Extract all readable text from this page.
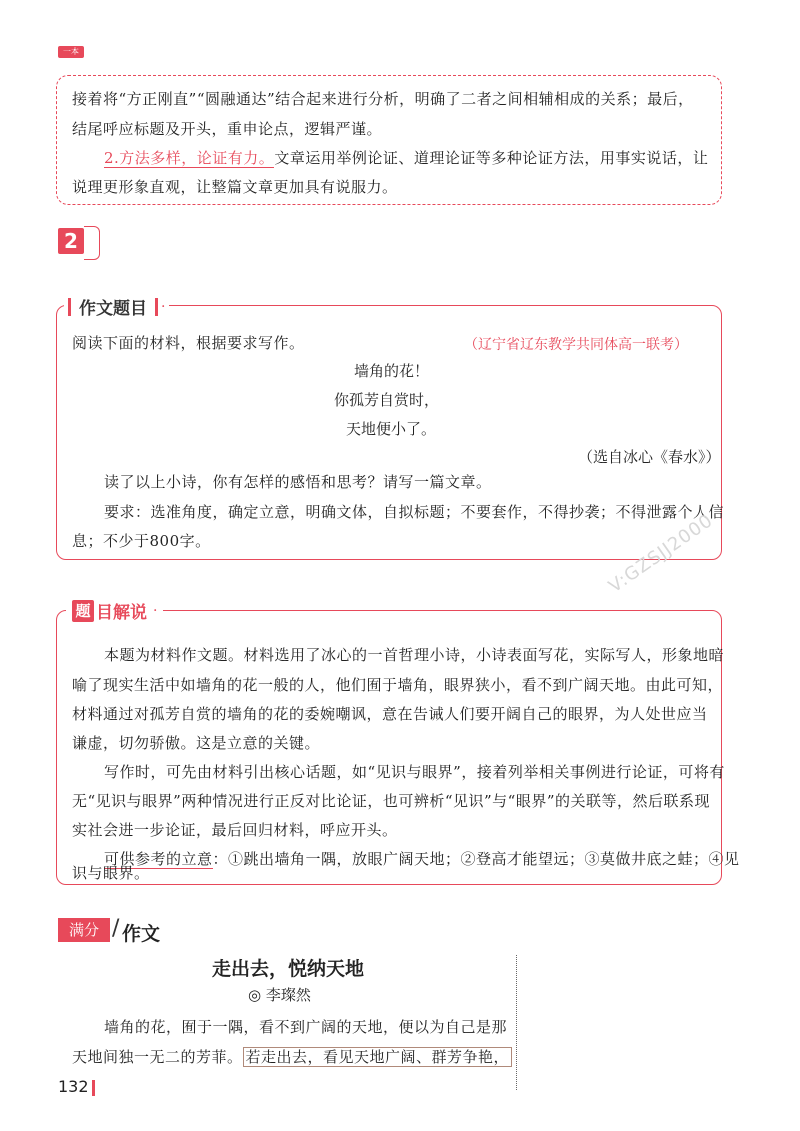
一本
接着将“方正刚直”“圆融通达”结合起来进行分析，明确了二者之间相辅相成的关系；最后，
结尾呼应标题及开头，重申论点，逻辑严谨。
2.方法多样，论证有力。文章运用举例论证、道理论证等多种论证方法，用事实说话，让
说理更形象直观，让整篇文章更加具有说服力。
2
作文题目	·
阅读下面的材料，根据要求写作。	（辽宁省辽东教学共同体高一联考）
墙角的花！
你孤芳自赏时，
天地便小了。
（选自冰心《春水》）
读了以上小诗，你有怎样的感悟和思考？请写一篇文章。
要求：选准角度，确定立意，明确文体，自拟标题；不要套作，不得抄袭；不得泄露个人信
息；不少于800字。	V:GZSJJ2000
题 目解说 ·
本题为材料作文题。材料选用了冰心的一首哲理小诗，小诗表面写花，实际写人，形象地暗
喻了现实生活中如墙角的花一般的人，他们囿于墙角，眼界狭小，看不到广阔天地。由此可知，
材料通过对孤芳自赏的墙角的花的委婉嘲讽，意在告诫人们要开阔自己的眼界，为人处世应当
谦虚，切勿骄傲。这是立意的关键。
写作时，可先由材料引出核心话题，如“见识与眼界”，接着列举相关事例进行论证，可将有
无“见识与眼界”两种情况进行正反对比论证，也可辨析“见识”与“眼界”的关联等，然后联系现
实社会进一步论证，最后回归材料，呼应开头。
可供参考的立意：①跳出墙角一隅，放眼广阔天地；②登高才能望远；③莫做井底之蛙；④见
识与眼界。
满分 / 作文
走出去，悦纳天地
◎ 李璨然
墙角的花，囿于一隅，看不到广阔的天地，便以为自己是那
天地间独一无二的芳菲。 若走出去，看见天地广阔、群芳争艳，
132
